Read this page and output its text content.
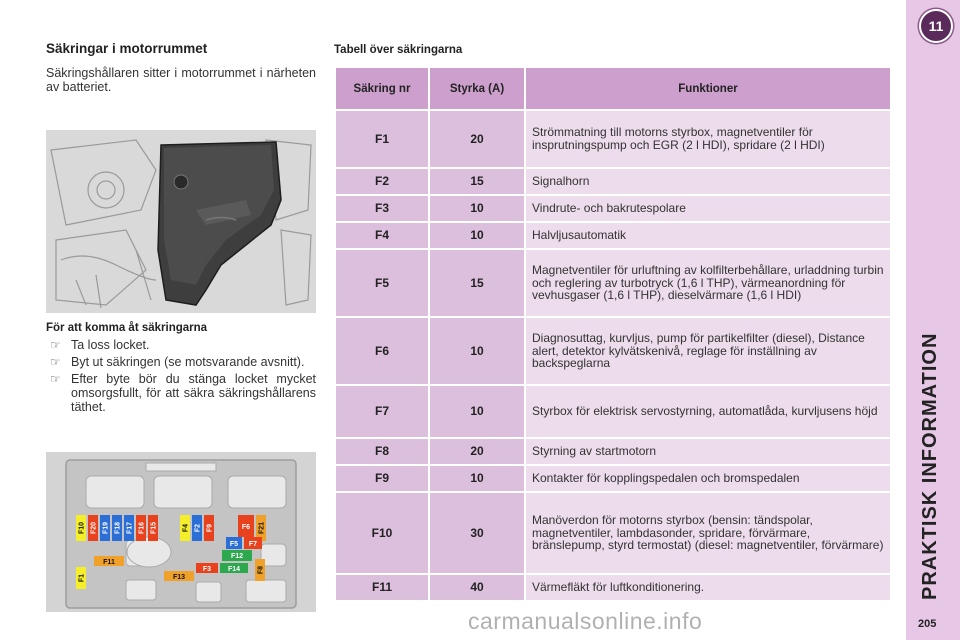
Säkringar i motorrummet
Säkringshållaren sitter i motorrummet i närheten av batteriet.
För att komma åt säkringarna
☞ Ta loss locket.
☞ Byt ut säkringen (se motsvarande avsnitt).
☞ Efter byte bör du stänga locket mycket omsorgsfullt, för att säkra säkringshållarens täthet.
F10 F20 F19 F18 F17 F16 F15	F4 F2 F9	F6 F21
F5 F7
F12
F11
F3 F14 F8
F13
F1
Tabell över säkringarna
Säkring nr	Styrka (A)	Funktioner
F1	20	Strömmatning till motorns styrbox, magnetventiler för insprutningspump och EGR (2 l HDI), spridare (2 l HDI)
F2	15	Signalhorn
F3	10	Vindrute- och bakrutespolare
F4	10	Halvljusautomatik
F5	15	Magnetventiler för urluftning av kolfilterbehållare, urladdning turbin och reglering av turbotryck (1,6 l THP), värmeanordning för vevhusgaser (1,6 l THP), dieselvärmare (1,6 l HDI)
F6	10	Diagnosuttag, kurvljus, pump för partikelfilter (diesel), Distance alert, detektor kylvätskenivå, reglage för inställning av backspeglarna
F7	10	Styrbox för elektrisk servostyrning, automatlåda, kurvljusens höjd
F8	20	Styrning av startmotorn
F9	10	Kontakter för kopplingspedalen och bromspedalen
F10	30	Manöverdon för motorns styrbox (bensin: tändspolar, magnetventiler, lambdasonder, spridare, förvärmare, bränslepump, styrd termostat) (diesel: magnetventiler, förvärmare)
F11	40	Värmefläkt för luftkonditionering.
11
PRAKTISK INFORMATION
205
carmanualsonline.info
